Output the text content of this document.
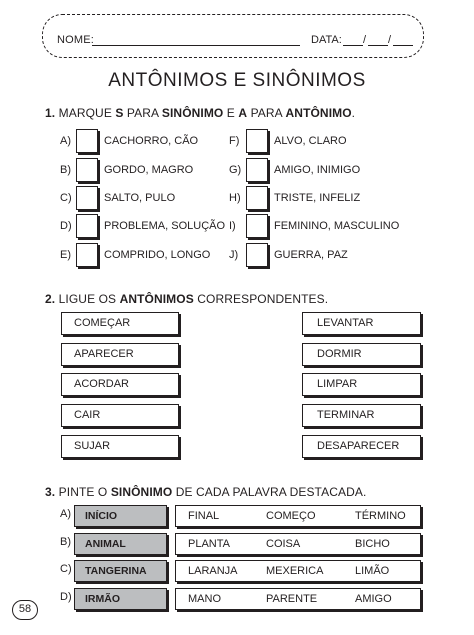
NOME:	DATA: / /
ANTÔNIMOS E SINÔNIMOS
1. MARQUE S PARA SINÔNIMO E A PARA ANTÔNIMO.
A)	CACHORRO, CÃO
B)	GORDO, MAGRO
C)	SALTO, PULO
D)	PROBLEMA, SOLUÇÃO
E)	COMPRIDO, LONGO
F)	ALVO, CLARO
G)	AMIGO, INIMIGO
H)	TRISTE, INFELIZ
I)	FEMININO, MASCULINO
J)	GUERRA, PAZ
2. LIGUE OS ANTÔNIMOS CORRESPONDENTES.
COMEÇAR
APARECER
ACORDAR
CAIR
SUJAR
LEVANTAR
DORMIR
LIMPAR
TERMINAR
DESAPARECER
3. PINTE O SINÔNIMO DE CADA PALAVRA DESTACADA.
A)	INÍCIO	FINAL	COMEÇO	TÉRMINO
B)	ANIMAL	PLANTA	COISA	BICHO
C)	TANGERINA	LARANJA	MEXERICA	LIMÃO
D)	IRMÃO	MANO	PARENTE	AMIGO
58
